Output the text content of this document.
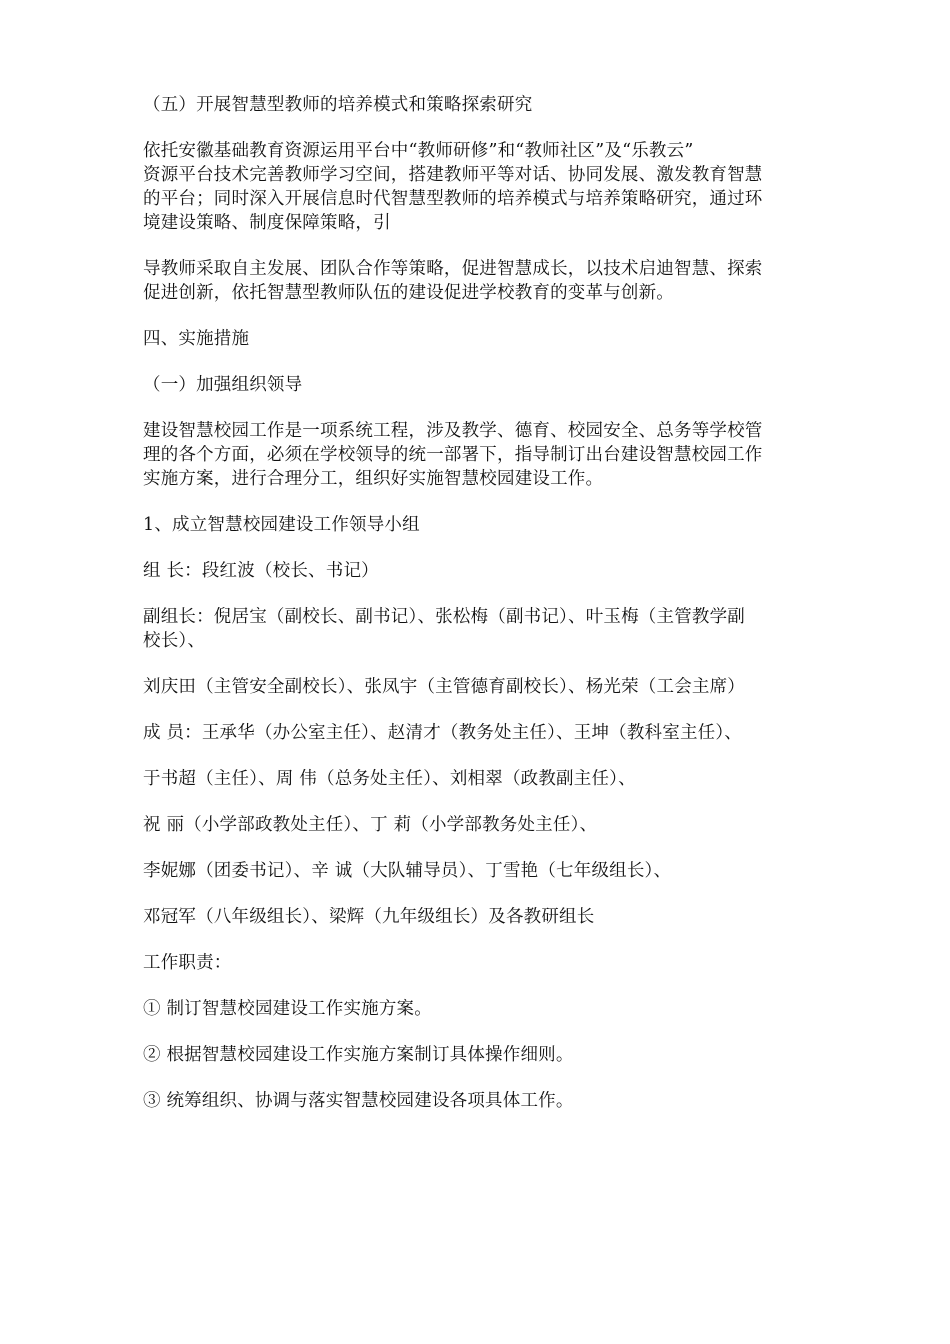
（五）开展智慧型教师的培养模式和策略探索研究

依托安徽基础教育资源运用平台中“教师研修”和“教师社区”及“乐教云”
资源平台技术完善教师学习空间，搭建教师平等对话、协同发展、激发教育智慧
的平台；同时深入开展信息时代智慧型教师的培养模式与培养策略研究，通过环
境建设策略、制度保障策略，引

导教师采取自主发展、团队合作等策略，促进智慧成长，以技术启迪智慧、探索
促进创新，依托智慧型教师队伍的建设促进学校教育的变革与创新。

四、实施措施

（一）加强组织领导

建设智慧校园工作是一项系统工程，涉及教学、德育、校园安全、总务等学校管
理的各个方面，必须在学校领导的统一部署下，指导制订出台建设智慧校园工作
实施方案，进行合理分工，组织好实施智慧校园建设工作。

1、成立智慧校园建设工作领导小组

组 长：段红波（校长、书记）

副组长：倪居宝（副校长、副书记）、张松梅（副书记）、叶玉梅（主管教学副
校长）、

刘庆田（主管安全副校长）、张凤宇（主管德育副校长）、杨光荣（工会主席）

成 员：王承华（办公室主任）、赵清才（教务处主任）、王坤（教科室主任）、

于书超（主任）、周 伟（总务处主任）、刘相翠（政教副主任）、

祝 丽（小学部政教处主任）、丁 莉（小学部教务处主任）、

李妮娜（团委书记）、辛 诚（大队辅导员）、丁雪艳（七年级组长）、

邓冠军（八年级组长）、梁辉（九年级组长）及各教研组长

工作职责：

① 制订智慧校园建设工作实施方案。

② 根据智慧校园建设工作实施方案制订具体操作细则。

③ 统筹组织、协调与落实智慧校园建设各项具体工作。
